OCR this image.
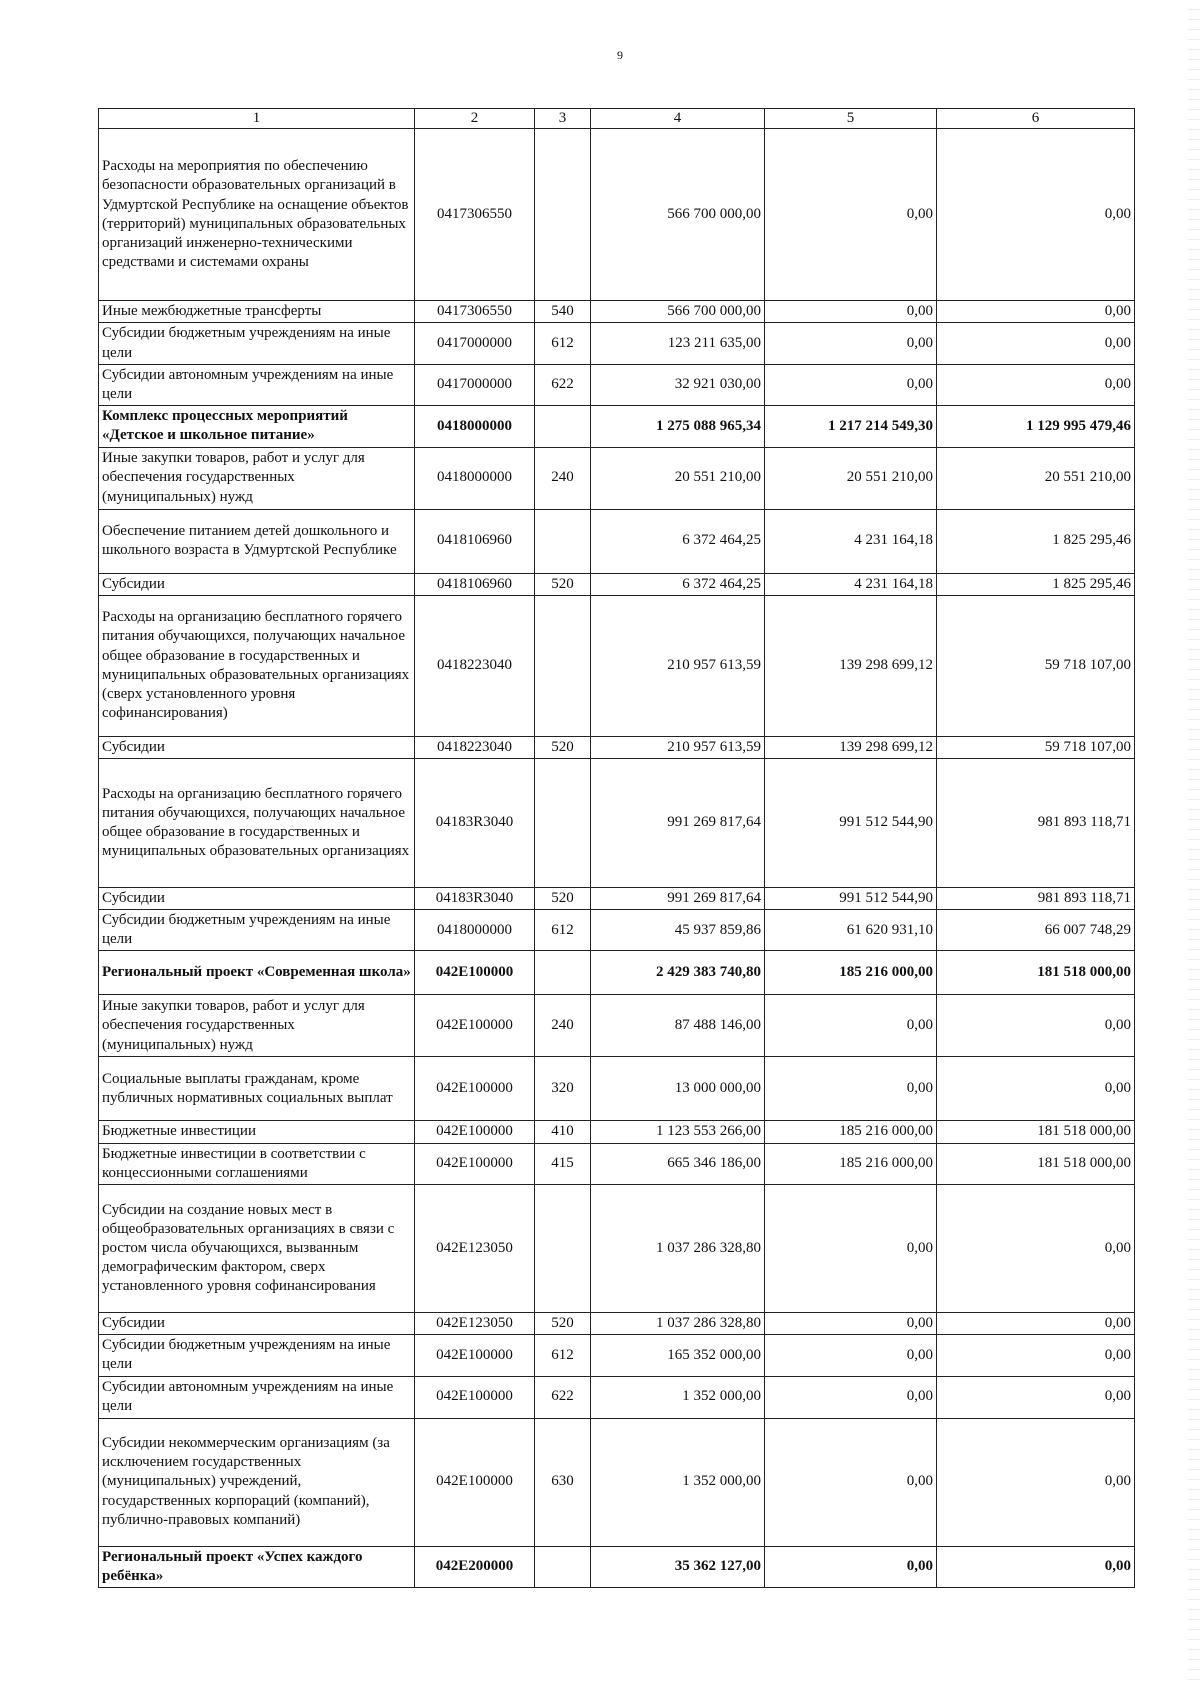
9
1	2	3	4	5	6
Расходы на мероприятия по обеспечению безопасности образовательных организаций в Удмуртской Республике на оснащение объектов (территорий) муниципальных образовательных организаций инженерно-техническими средствами и системами охраны	0417306550		566 700 000,00	0,00	0,00
Иные межбюджетные трансферты	0417306550	540	566 700 000,00	0,00	0,00
Субсидии бюджетным учреждениям на иные цели	0417000000	612	123 211 635,00	0,00	0,00
Субсидии автономным учреждениям на иные цели	0417000000	622	32 921 030,00	0,00	0,00
Комплекс процессных мероприятий «Детское и школьное питание»	0418000000		1 275 088 965,34	1 217 214 549,30	1 129 995 479,46
Иные закупки товаров, работ и услуг для обеспечения государственных (муниципальных) нужд	0418000000	240	20 551 210,00	20 551 210,00	20 551 210,00
Обеспечение питанием детей дошкольного и школьного возраста в Удмуртской Республике	0418106960		6 372 464,25	4 231 164,18	1 825 295,46
Субсидии	0418106960	520	6 372 464,25	4 231 164,18	1 825 295,46
Расходы на организацию бесплатного горячего питания обучающихся, получающих начальное общее образование в государственных и муниципальных образовательных организациях (сверх установленного уровня софинансирования)	0418223040		210 957 613,59	139 298 699,12	59 718 107,00
Субсидии	0418223040	520	210 957 613,59	139 298 699,12	59 718 107,00
Расходы на организацию бесплатного горячего питания обучающихся, получающих начальное общее образование в государственных и муниципальных образовательных организациях	04183R3040		991 269 817,64	991 512 544,90	981 893 118,71
Субсидии	04183R3040	520	991 269 817,64	991 512 544,90	981 893 118,71
Субсидии бюджетным учреждениям на иные цели	0418000000	612	45 937 859,86	61 620 931,10	66 007 748,29
Региональный проект «Современная школа»	042E100000		2 429 383 740,80	185 216 000,00	181 518 000,00
Иные закупки товаров, работ и услуг для обеспечения государственных (муниципальных) нужд	042E100000	240	87 488 146,00	0,00	0,00
Социальные выплаты гражданам, кроме публичных нормативных социальных выплат	042E100000	320	13 000 000,00	0,00	0,00
Бюджетные инвестиции	042E100000	410	1 123 553 266,00	185 216 000,00	181 518 000,00
Бюджетные инвестиции в соответствии с концессионными соглашениями	042E100000	415	665 346 186,00	185 216 000,00	181 518 000,00
Субсидии на создание новых мест в общеобразовательных организациях в связи с ростом числа обучающихся, вызванным демографическим фактором, сверх установленного уровня софинансирования	042E123050		1 037 286 328,80	0,00	0,00
Субсидии	042E123050	520	1 037 286 328,80	0,00	0,00
Субсидии бюджетным учреждениям на иные цели	042E100000	612	165 352 000,00	0,00	0,00
Субсидии автономным учреждениям на иные цели	042E100000	622	1 352 000,00	0,00	0,00
Субсидии некоммерческим организациям (за исключением государственных (муниципальных) учреждений, государственных корпораций (компаний), публично-правовых компаний)	042E100000	630	1 352 000,00	0,00	0,00
Региональный проект «Успех каждого ребёнка»	042E200000		35 362 127,00	0,00	0,00
